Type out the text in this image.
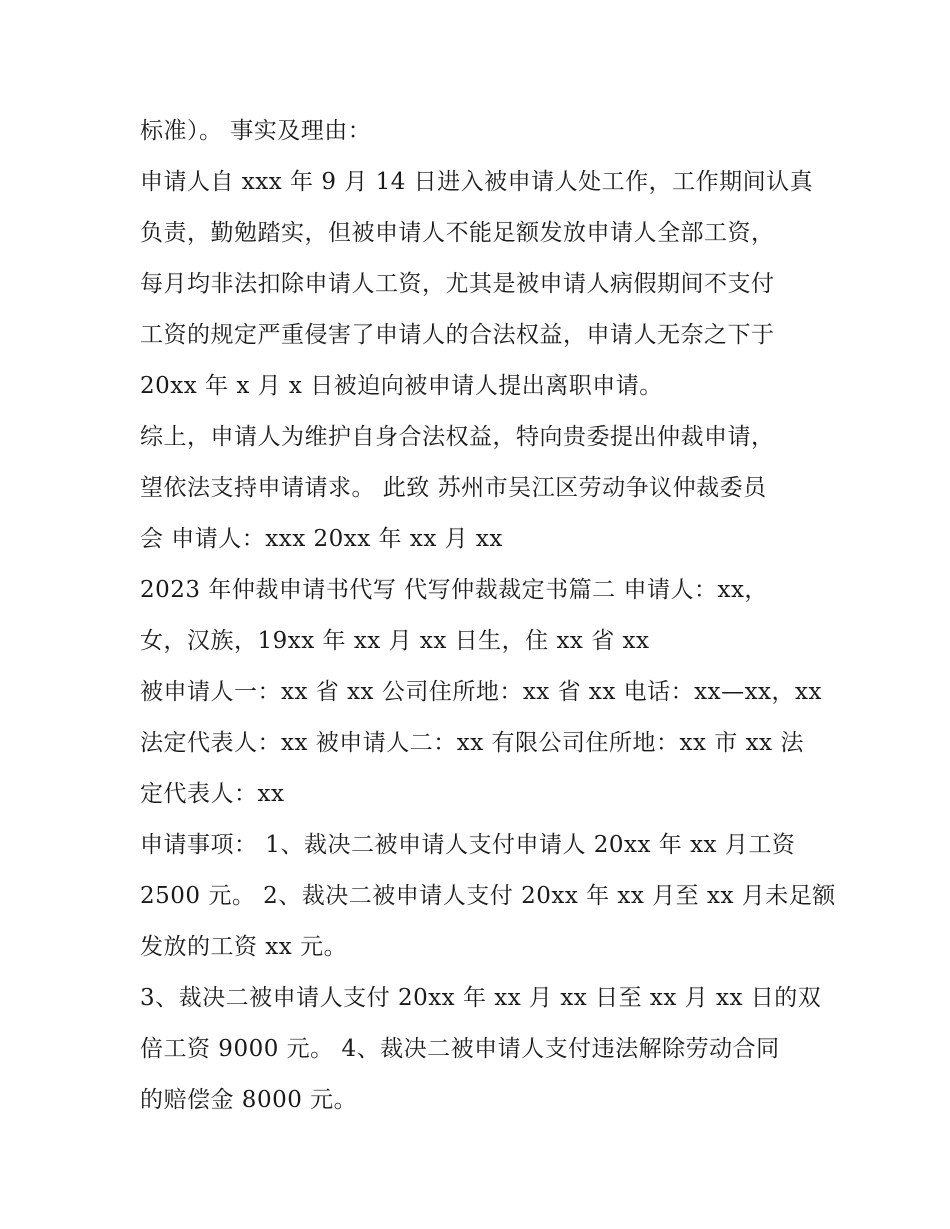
标准）。 事实及理由：
申请人自 xxx 年 9 月 14 日进入被申请人处工作，工作期间认真
负责，勤勉踏实，但被申请人不能足额发放申请人全部工资，
每月均非法扣除申请人工资，尤其是被申请人病假期间不支付
工资的规定严重侵害了申请人的合法权益，申请人无奈之下于
20xx 年 x 月 x 日被迫向被申请人提出离职申请。
综上，申请人为维护自身合法权益，特向贵委提出仲裁申请，
望依法支持申请请求。 此致 苏州市吴江区劳动争议仲裁委员
会 申请人：xxx 20xx 年 xx 月 xx
2023 年仲裁申请书代写 代写仲裁裁定书篇二 申请人：xx，
女，汉族，19xx 年 xx 月 xx 日生，住 xx 省 xx
被申请人一：xx 省 xx 公司住所地：xx 省 xx 电话：xx—xx，xx
法定代表人：xx 被申请人二：xx 有限公司住所地：xx 市 xx 法
定代表人：xx
申请事项： 1、裁决二被申请人支付申请人 20xx 年 xx 月工资
2500 元。 2、裁决二被申请人支付 20xx 年 xx 月至 xx 月未足额
发放的工资 xx 元。
3、裁决二被申请人支付 20xx 年 xx 月 xx 日至 xx 月 xx 日的双
倍工资 9000 元。 4、裁决二被申请人支付违法解除劳动合同
的赔偿金 8000 元。
